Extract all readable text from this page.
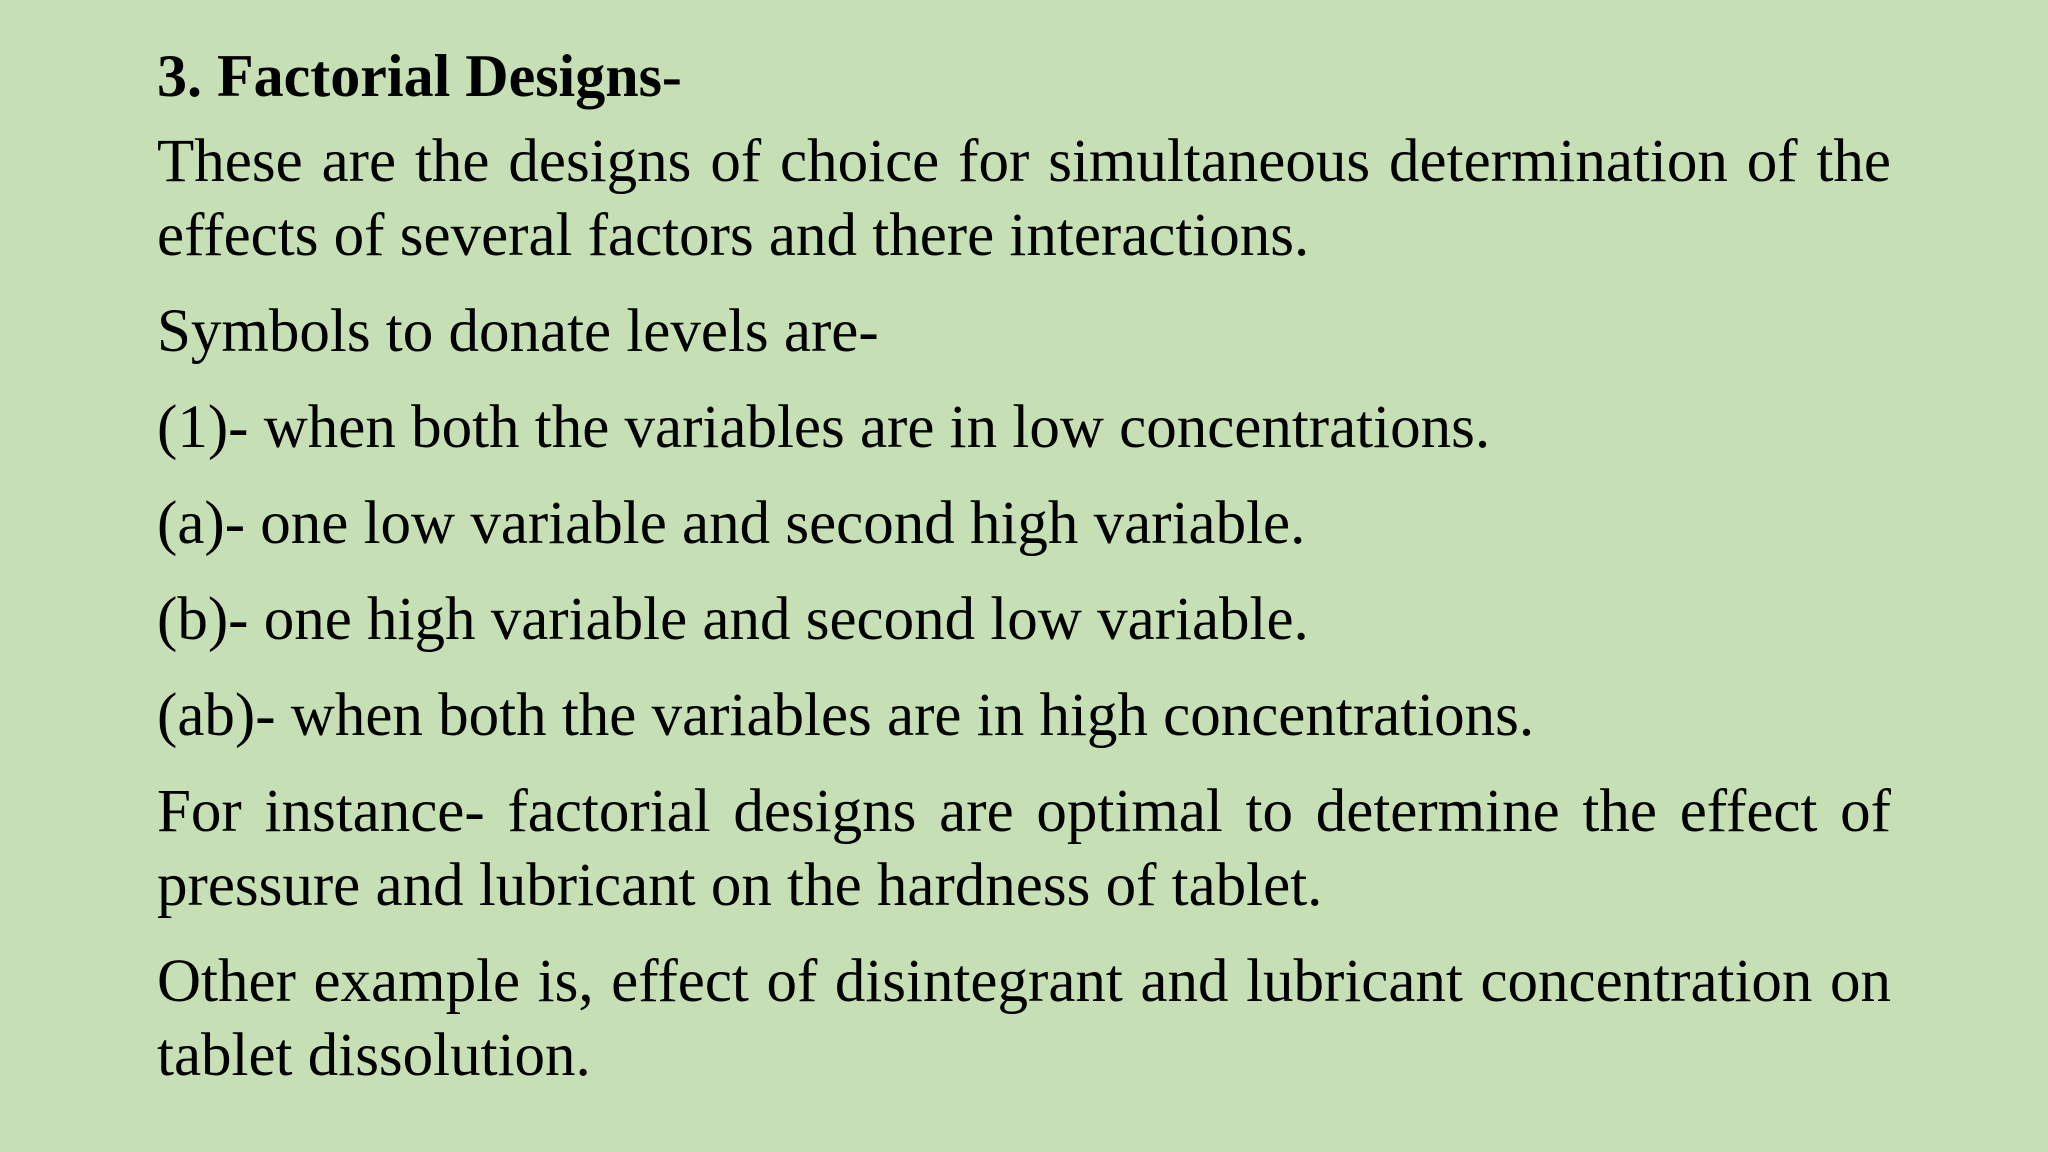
3. Factorial Designs-
These are the designs of choice for simultaneous determination of the effects of several factors and there interactions.
Symbols to donate levels are-
(1)- when both the variables are in low concentrations.
(a)- one low variable and second high variable.
(b)- one high variable and second low variable.
(ab)- when both the variables are in high concentrations.
For instance- factorial designs are optimal to determine the effect of pressure and lubricant on the hardness of tablet.
Other example is, effect of disintegrant and lubricant concentration on tablet dissolution.
